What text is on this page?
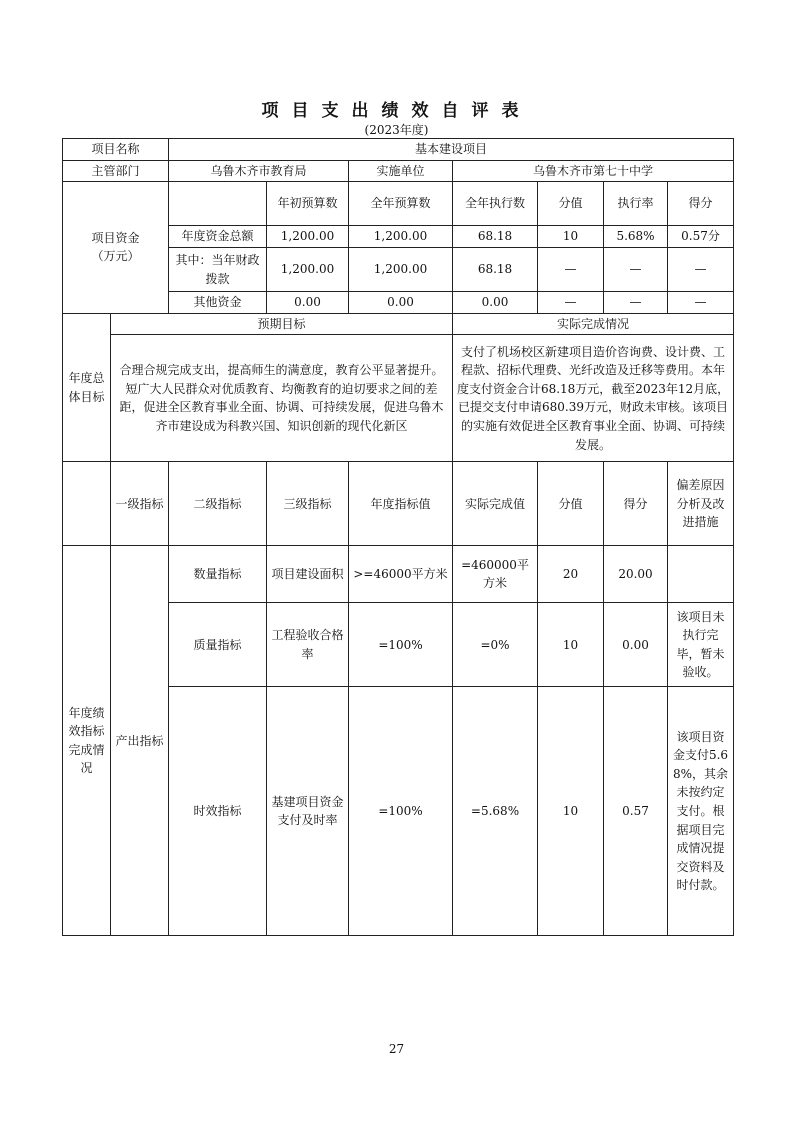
项目支出绩效自评表
(2023年度)
项目名称		基本建设项目						
主管部门		乌鲁木齐市教育局		实施单位	乌鲁木齐市第七十中学			
项目资金
（万元）			年初预算数	全年预算数	全年执行数	分值	执行率	得分
		年度资金总额	1,200.00	1,200.00	68.18	10	5.68%	0.57分
		其中：当年财政拨款	1,200.00	1,200.00	68.18	—	—	—
		其他资金	0.00	0.00	0.00	—	—	—
年度总体目标	预期目标				实际完成情况			
	合理合规完成支出，提高师生的满意度，教育公平显著提升。短广大人民群众对优质教育、均衡教育的迫切要求之间的差距，促进全区教育事业全面、协调、可持续发展，促进乌鲁木齐市建设成为科教兴国、知识创新的现代化新区				支付了机场校区新建项目造价咨询费、设计费、工程款、招标代理费、光纤改造及迁移等费用。本年度支付资金合计68.18万元，截至2023年12月底，已提交支付申请680.39万元，财政未审核。该项目的实施有效促进全区教育事业全面、协调、可持续发展。			
	一级指标	二级指标	三级指标	年度指标值	实际完成值	分值	得分	偏差原因分析及改进措施
年度绩效指标完成情况	产出指标	数量指标	项目建设面积	>=46000平方米	=460000平方米	20	20.00	
		质量指标	工程验收合格率	=100%	=0%	10	0.00	该项目未执行完毕，暂未验收。
		时效指标	基建项目资金支付及时率	=100%	=5.68%	10	0.57	该项目资金支付5.68%，其余未按约定支付。根据项目完成情况提交资料及时付款。
27
